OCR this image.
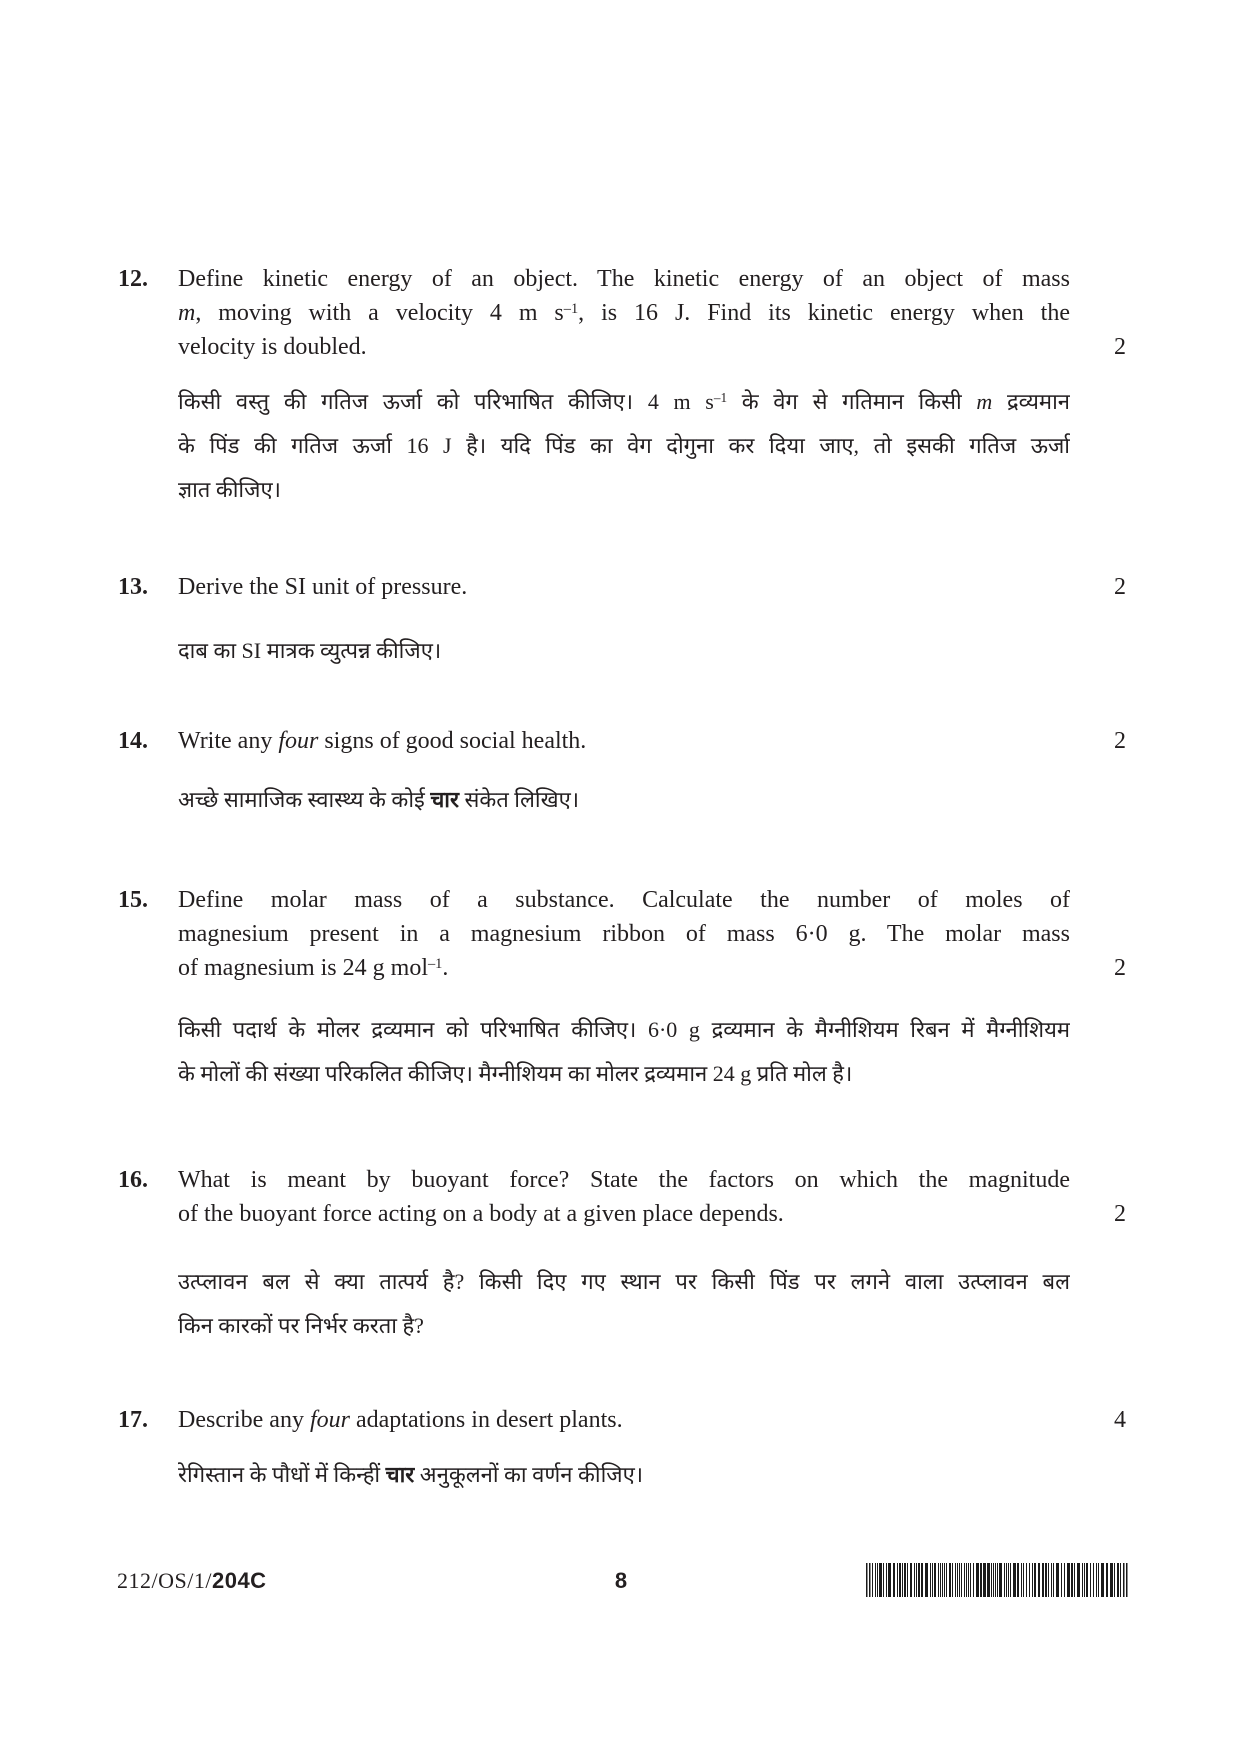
12. Define kinetic energy of an object. The kinetic energy of an object of mass
m, moving with a velocity 4 m $s^{-1}$, is 16 J. Find its kinetic energy when the
velocity is doubled.
किसी वस्तु की गतिज ऊर्जा को परिभाषित कीजिए। 4 m $s^{-1}$ के वेग से गतिमान किसी m द्रव्यमान
के पिंड की गतिज ऊर्जा 16 J है। यदि पिंड का वेग दोगुना कर दिया जाए, तो इसकी गतिज ऊर्जा
ज्ञात कीजिए।
2
13. Derive the SI unit of pressure.
दाब का SI मात्रक व्युत्पन्न कीजिए।
2
14. Write any four signs of good social health.
अच्छे सामाजिक स्वास्थ्य के कोई चार संकेत लिखिए।
2
15. Define molar mass of a substance. Calculate the number of moles of
magnesium present in a magnesium ribbon of mass 6·0 g. The molar mass
of magnesium is 24 g mol$^{-1}$.
किसी पदार्थ के मोलर द्रव्यमान को परिभाषित कीजिए। 6·0 g द्रव्यमान के मैग्नीशियम रिबन में मैग्नीशियम
के मोलों की संख्या परिकलित कीजिए। मैग्नीशियम का मोलर द्रव्यमान 24 g प्रति मोल है।
2
16. What is meant by buoyant force? State the factors on which the magnitude
of the buoyant force acting on a body at a given place depends.
उत्प्लावन बल से क्या तात्पर्य है? किसी दिए गए स्थान पर किसी पिंड पर लगने वाला उत्प्लावन बल
किन कारकों पर निर्भर करता है?
2
17. Describe any four adaptations in desert plants.
रेगिस्तान के पौधों में किन्हीं चार अनुकूलनों का वर्णन कीजिए।
4
212/OS/1/204C	8
